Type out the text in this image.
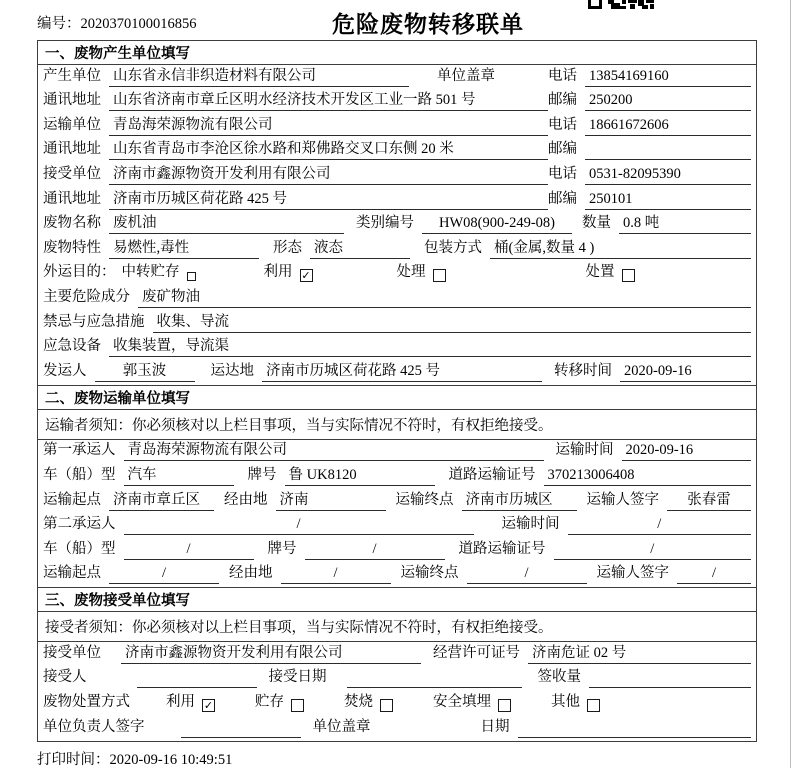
编号：2020370100016856	危险废物转移联单
一、废物产生单位填写
产生单位 山东省永信非织造材料有限公司	单位盖章	电话 13854169160
通讯地址 山东省济南市章丘区明水经济技术开发区工业一路 501 号	邮编 250200
运输单位 青岛海荣源物流有限公司	电话 18661672606
通讯地址 山东省青岛市李沧区徐水路和郑佛路交叉口东侧 20 米	邮编
接受单位 济南市鑫源物资开发利用有限公司	电话 0531-82095390
通讯地址 济南市历城区荷花路 425 号	邮编 250101
废物名称 废机油	类别编号	HW08(900-249-08)	数量 0.8 吨
废物特性 易燃性,毒性	形态 液态	包装方式 桶(金属,数量 4 )
外运目的： 中转贮存	利用 ✓	处理	处置
主要危险成分 废矿物油
禁忌与应急措施 收集、导流
应急设备 收集装置，导流渠
发运人	郭玉波	运达地 济南市历城区荷花路 425 号	转移时间 2020-09-16
二、废物运输单位填写
运输者须知：你必须核对以上栏目事项，当与实际情况不符时，有权拒绝接受。
第一承运人 青岛海荣源物流有限公司	运输时间 2020-09-16
车（船）型 汽车	牌号 鲁 UK8120	道路运输证号 370213006408
运输起点 济南市章丘区	经由地 济南	运输终点 济南市历城区	运输人签字	张春雷
第二承运人	/	运输时间	/
车（船）型	/	牌号	/	道路运输证号	/
运输起点	/	经由地	/	运输终点	/	运输人签字	/
三、废物接受单位填写
接受者须知：你必须核对以上栏目事项，当与实际情况不符时，有权拒绝接受。
接受单位 济南市鑫源物资开发利用有限公司	经营许可证号 济南危证 02 号
接受人	接受日期	签收量
废物处置方式 利用 ✓	贮存	焚烧	安全填埋	其他
单位负责人签字	单位盖章	日期
打印时间：2020-09-16 10:49:51
